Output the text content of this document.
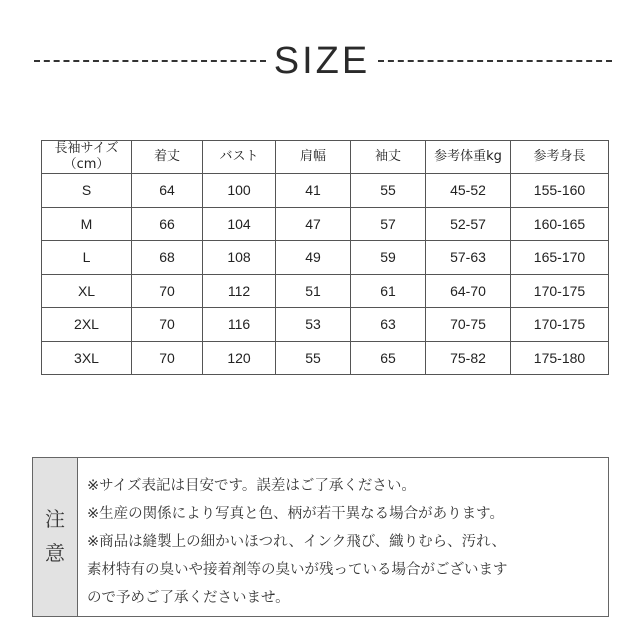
SIZE
長袖サイズ
（cm）	着丈	バスト	肩幅	袖丈	参考体重kg	参考身長
S	64	100	41	55	45-52	155-160
M	66	104	47	57	52-57	160-165
L	68	108	49	59	57-63	165-170
XL	70	112	51	61	64-70	170-175
2XL	70	116	53	63	70-75	170-175
3XL	70	120	55	65	75-82	175-180
注
意
※サイズ表記は目安です。誤差はご了承ください。
※生産の関係により写真と色、柄が若干異なる場合があります。
※商品は縫製上の細かいほつれ、インク飛び、織りむら、汚れ、
素材特有の臭いや接着剤等の臭いが残っている場合がございます
ので予めご了承くださいませ。
